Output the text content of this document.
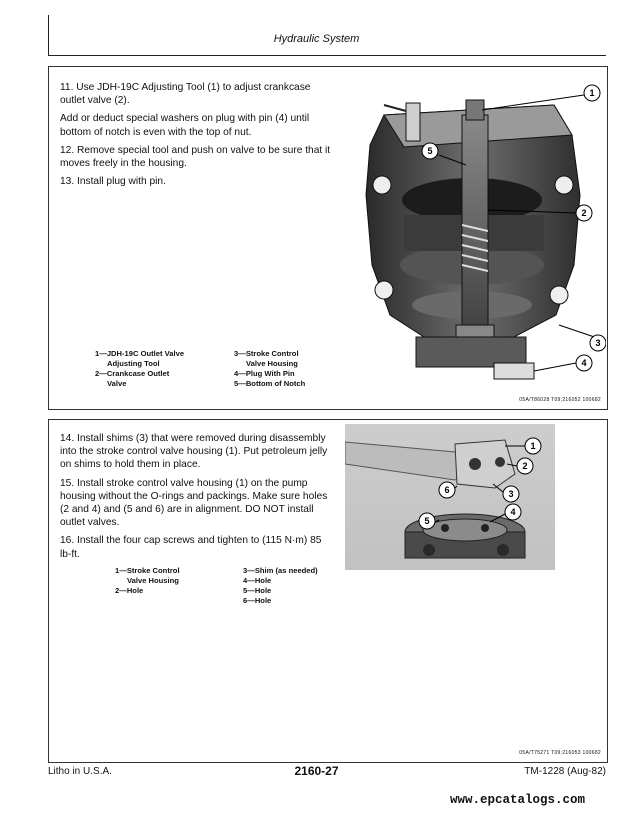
Hydraulic System

11. Use JDH-19C Adjusting Tool (1) to adjust crankcase outlet valve (2).

Add or deduct special washers on plug with pin (4) until bottom of notch is even with the top of nut.

12. Remove special tool and push on valve to be sure that it moves freely in the housing.

13. Install plug with pin.

1—JDH-19C Outlet Valve
Adjusting Tool
2—Crankcase Outlet
Valve
3—Stroke Control
Valve Housing
4—Plug With Pin
5—Bottom of Notch
1
2
3
4
5
05A/T86028 T09;216052 100682

14. Install shims (3) that were removed during disassembly into the stroke control valve housing (1). Put petroleum jelly on shims to hold them in place.

15. Install stroke control valve housing (1) on the pump housing without the O-rings and packings. Make sure holes (2 and 4) and (5 and 6) are in alignment. DO NOT install outlet valves.

16. Install the four cap screws and tighten to (115 N·m) 85 lb-ft.

1—Stroke Control
Valve Housing
2—Hole
3—Shim (as needed)
4—Hole
5—Hole
6—Hole
1
2
3
4
5
6
05A/T75271 T09;216053 100682
Litho in U.S.A.	2160-27	TM-1228 (Aug-82)
www.epcatalogs.com
